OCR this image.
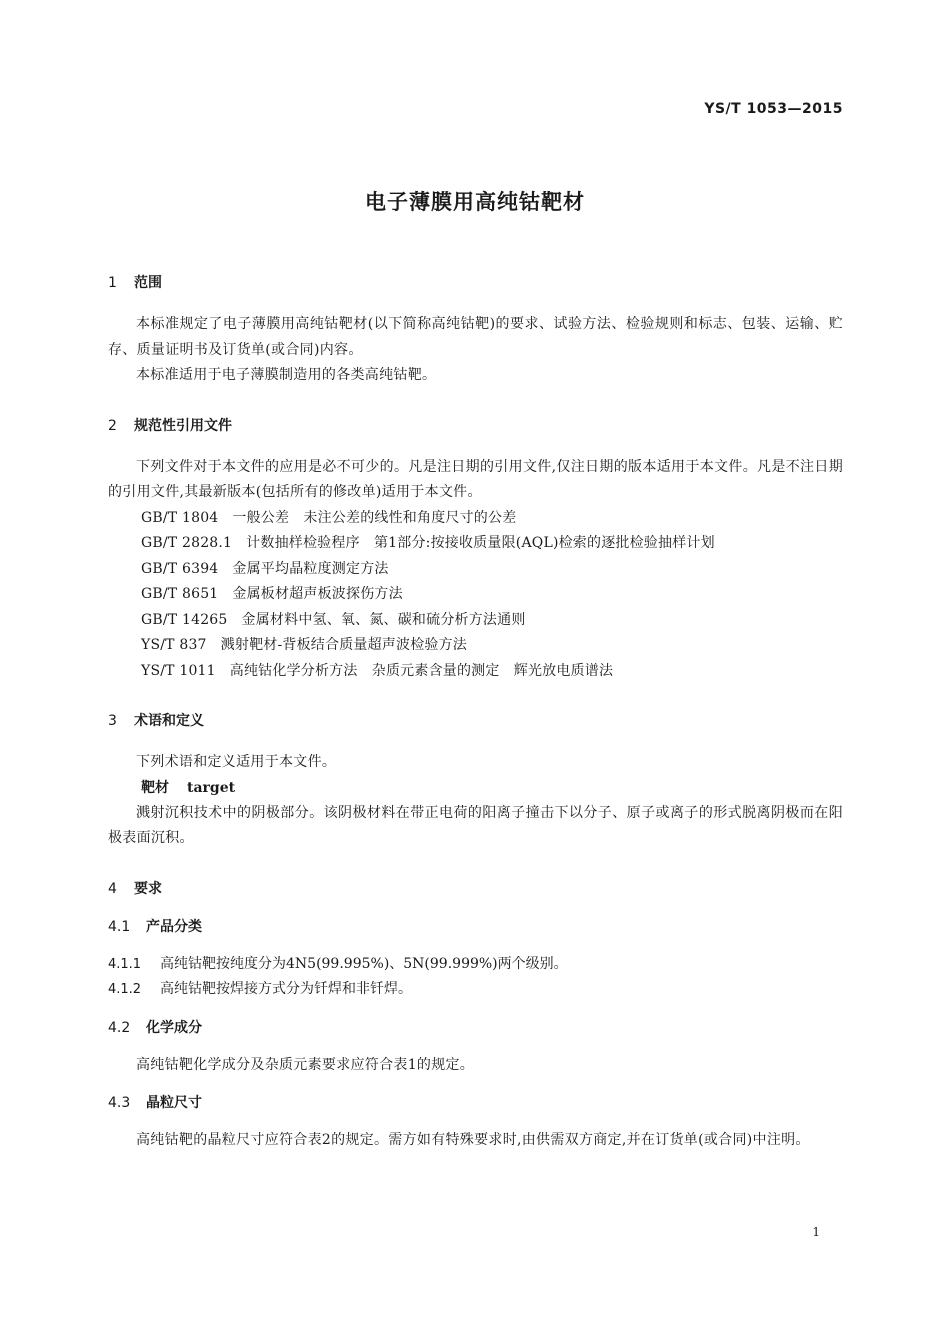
YS/T 1053—2015
电子薄膜用高纯钴靶材
1 范围

本标准规定了电子薄膜用高纯钴靶材(以下简称高纯钴靶)的要求、试验方法、检验规则和标志、包装、运输、贮存、质量证明书及订货单(或合同)内容。

本标准适用于电子薄膜制造用的各类高纯钴靶。

2 规范性引用文件

下列文件对于本文件的应用是必不可少的。凡是注日期的引用文件,仅注日期的版本适用于本文件。凡是不注日期的引用文件,其最新版本(包括所有的修改单)适用于本文件。

GB/T 1804 一般公差　未注公差的线性和角度尺寸的公差
GB/T 2828.1 计数抽样检验程序　第1部分:按接收质量限(AQL)检索的逐批检验抽样计划
GB/T 6394 金属平均晶粒度测定方法
GB/T 8651 金属板材超声板波探伤方法
GB/T 14265 金属材料中氢、氧、氮、碳和硫分析方法通则
YS/T 837 溅射靶材-背板结合质量超声波检验方法
YS/T 1011 高纯钴化学分析方法　杂质元素含量的测定　辉光放电质谱法
3 术语和定义

下列术语和定义适用于本文件。

靶材 target

溅射沉积技术中的阴极部分。该阴极材料在带正电荷的阳离子撞击下以分子、原子或离子的形式脱离阴极而在阳极表面沉积。

4 要求
4.1 产品分类
4.1.1 高纯钴靶按纯度分为4N5(99.995%)、5N(99.999%)两个级别。
4.1.2 高纯钴靶按焊接方式分为钎焊和非钎焊。
4.2 化学成分

高纯钴靶化学成分及杂质元素要求应符合表1的规定。

4.3 晶粒尺寸

高纯钴靶的晶粒尺寸应符合表2的规定。需方如有特殊要求时,由供需双方商定,并在订货单(或合同)中注明。

1
